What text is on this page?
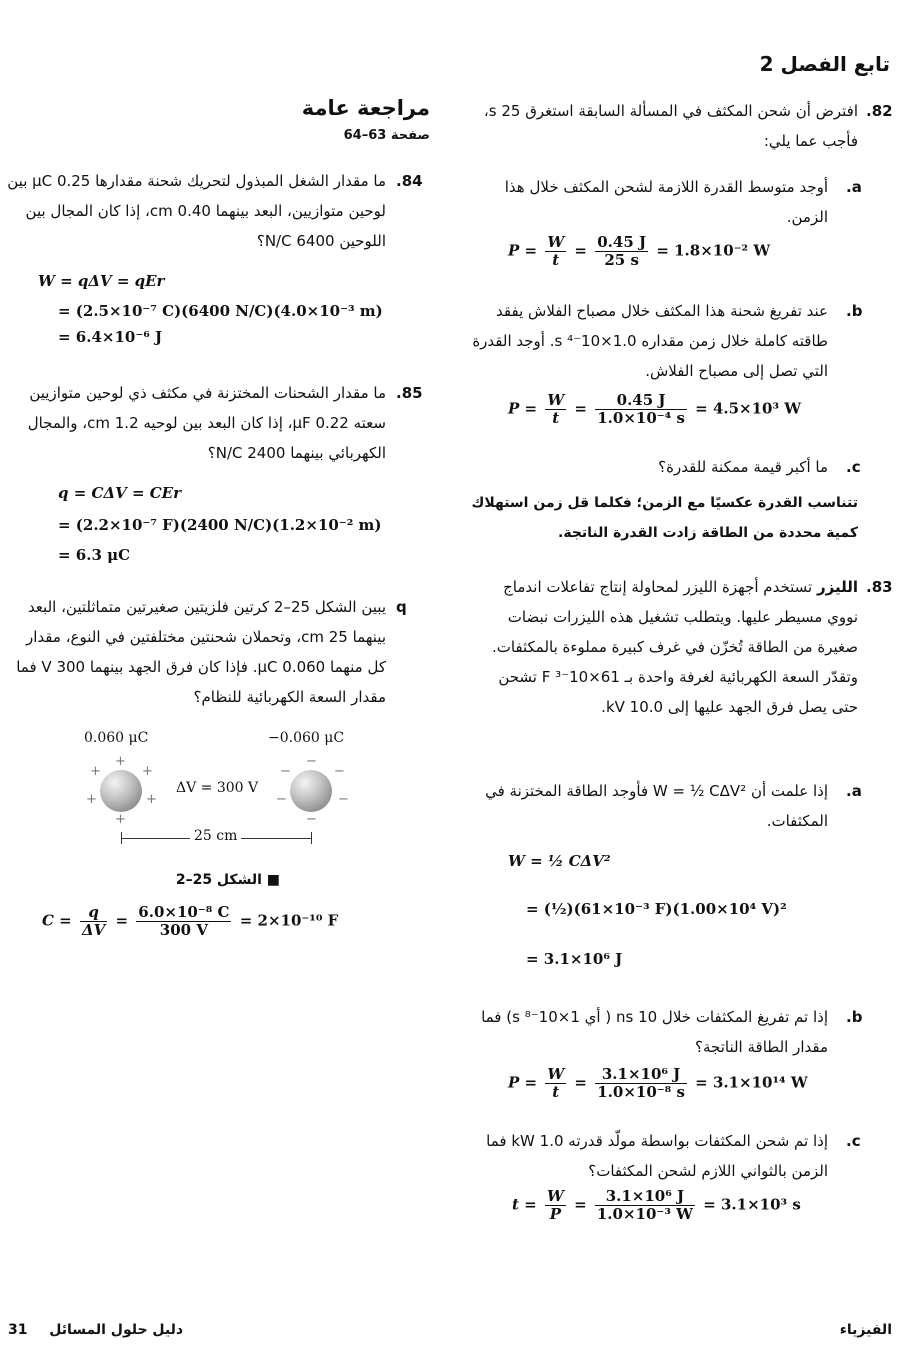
تابع الفصل 2
مراجعة عامة
صفحة 63–64
.84
ما مقدار الشغل المبذول لتحريك شحنة مقدارها 0.25 μC بين لوحين متوازيين، البعد بينهما 0.40 cm، إذا كان المجال بين اللوحين 6400 N/C؟
W = qΔV = qEr
= (2.5×10⁻⁷ C)(6400 N/C)(4.0×10⁻³ m)
= 6.4×10⁻⁶ J
.85
ما مقدار الشحنات المختزنة في مكثف ذي لوحين متوازيين سعته 0.22 μF، إذا كان البعد بين لوحيه 1.2 cm، والمجال الكهربائي بينهما 2400 N/C؟
q = CΔV = CEr
= (2.2×10⁻⁷ F)(2400 N/C)(1.2×10⁻² m)
= 6.3 μC
q
يبين الشكل 25–2 كرتين فلزيتين صغيرتين متماثلتين، البعد بينهما 25 cm، وتحملان شحنتين مختلفتين في النوع، مقدار كل منهما 0.060 μC. فإذا كان فرق الجهد بينهما 300 V فما مقدار السعة الكهربائية للنظام؟
0.060 μC	−0.060 μC
+
+	+
+	+
+
ΔV = 300 V
−
−	−
−	−
−
25 cm
■ الشكل 25–2
$C = \frac{q}{\Delta V} = \frac{\text{6.0×10⁻⁸ C}}{300 V} = 2\times 10^{-10}$ F
.82
افترض أن شحن المكثف في المسألة السابقة استغرق 25 s، فأجب عما يلي:
.a
أوجد متوسط القدرة اللازمة لشحن المكثف خلال هذا الزمن.
$P = \frac{W}{t} = \frac{0.45 J}{25 s} = 1.8\times 10^{-2}$ W
.b
عند تفريغ شحنة هذا المكثف خلال مصباح الفلاش يفقد طاقته كاملة خلال زمن مقداره 1.0×10⁻⁴ s. أوجد القدرة التي تصل إلى مصباح الفلاش.
$P = \frac{W}{t} = \frac{0.45 J}{\text{1.0×10⁻⁴ s}} = 4.5\times 10^3$ W
.c
ما أكبر قيمة ممكنة للقدرة؟
تتناسب القدرة عكسيًا مع الزمن؛ فكلما قل زمن استهلاك كمية محددة من الطاقة زادت القدرة الناتجة.
.83
الليزر تستخدم أجهزة الليزر لمحاولة إنتاج تفاعلات اندماج نووي مسيطر عليها. ويتطلب تشغيل هذه الليزرات نبضات صغيرة من الطاقة تُخزّن في غرف كبيرة مملوءة بالمكثفات. وتقدّر السعة الكهربائية لغرفة واحدة بـ 61×10⁻³ F تشحن حتى يصل فرق الجهد عليها إلى 10.0 kV.
.a
إذا علمت أن W = ½ CΔV² فأوجد الطاقة المختزنة في المكثفات.
W = ½ CΔV²
= (½)(61×10⁻³ F)(1.00×10⁴ V)²
= 3.1×10⁶ J
.b
إذا تم تفريغ المكثفات خلال 10 ns ( أي 1×10⁻⁸ s) فما مقدار الطاقة الناتجة؟
$P = \frac{W}{t} = \frac{\text{3.1×10⁶ J}}{\text{1.0×10⁻⁸ s}} = 3.1\times 10^{14}$ W
.c
إذا تم شحن المكثفات بواسطة مولّد قدرته 1.0 kW فما الزمن بالثواني اللازم لشحن المكثفات؟
$t = \frac{W}{P} = \frac{\text{3.1×10⁶ J}}{\text{1.0×10⁻³ W}} = 3.1\times 10^3$ s
31 دليل حلول المسائل	الفيزياء
